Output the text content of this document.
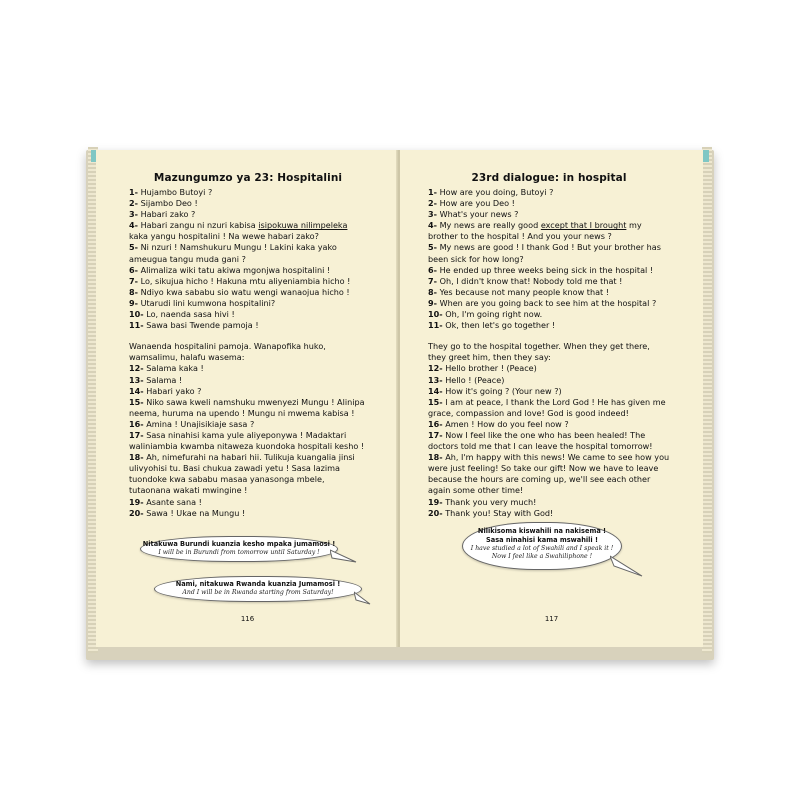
Mazungumzo ya 23: Hospitalini
1- Hujambo Butoyi ?
2- Sijambo Deo !
3- Habari zako ?
4- Habari zangu ni nzuri kabisa isipokuwa nilimpeleka kaka yangu hospitalini ! Na wewe habari zako?
5- Ni nzuri ! Namshukuru Mungu ! Lakini kaka yako ameugua tangu muda gani ?
6- Alimaliza wiki tatu akiwa mgonjwa hospitalini !
7- Lo, sikujua hicho ! Hakuna mtu aliyeniambia hicho !
8- Ndiyo kwa sababu sio watu wengi wanaojua hicho !
9- Utarudi lini kumwona hospitalini?
10- Lo, naenda sasa hivi !
11- Sawa basi Twende pamoja !
Wanaenda hospitalini pamoja. Wanapofika huko, wamsalimu, halafu wasema:
12- Salama kaka !
13- Salama !
14- Habari yako ?
15- Niko sawa kweli namshuku mwenyezi Mungu ! Alinipa neema, huruma na upendo ! Mungu ni mwema kabisa !
16- Amina ! Unajisikiaje sasa ?
17- Sasa ninahisi kama yule aliyeponywa ! Madaktari waliniambia kwamba nitaweza kuondoka hospitali kesho !
18- Ah, nimefurahi na habari hii. Tulikuja kuangalia jinsi ulivyohisi tu. Basi chukua zawadi yetu ! Sasa lazima tuondoke kwa sababu masaa yanasonga mbele, tutaonana wakati mwingine !
19- Asante sana !
20- Sawa ! Ukae na Mungu !
Nitakuwa Burundi kuanzia kesho mpaka jumamosi !
I will be in Burundi from tomorrow until Saturday !
Nami, nitakuwa Rwanda kuanzia Jumamosi !
And I will be in Rwanda starting from Saturday!
116
23rd dialogue: in hospital
1- How are you doing, Butoyi ?
2- How are you Deo !
3- What's your news ?
4- My news are really good except that I brought my brother to the hospital ! And you your news ?
5- My news are good ! I thank God ! But your brother has been sick for how long?
6- He ended up three weeks being sick in the hospital !
7- Oh, I didn't know that! Nobody told me that !
8- Yes because not many people know that !
9- When are you going back to see him at the hospital ?
10- Oh, I'm going right now.
11- Ok, then let's go together !
They go to the hospital together. When they get there, they greet him, then they say:
12- Hello brother ! (Peace)
13- Hello ! (Peace)
14- How it's going ? (Your new ?)
15- I am at peace, I thank the Lord God ! He has given me grace, compassion and love! God is good indeed!
16- Amen ! How do you feel now ?
17- Now I feel like the one who has been healed! The doctors told me that I can leave the hospital tomorrow!
18- Ah, I'm happy with this news! We came to see how you were just feeling! So take our gift! Now we have to leave because the hours are coming up, we'll see each other again some other time!
19- Thank you very much!
20- Thank you! Stay with God!
Nilikisoma kiswahili na nakisema !
Sasa ninahisi kama mswahili !
I have studied a lot of Swahili and I speak it !
Now I feel like a Swahiliphone !
117
